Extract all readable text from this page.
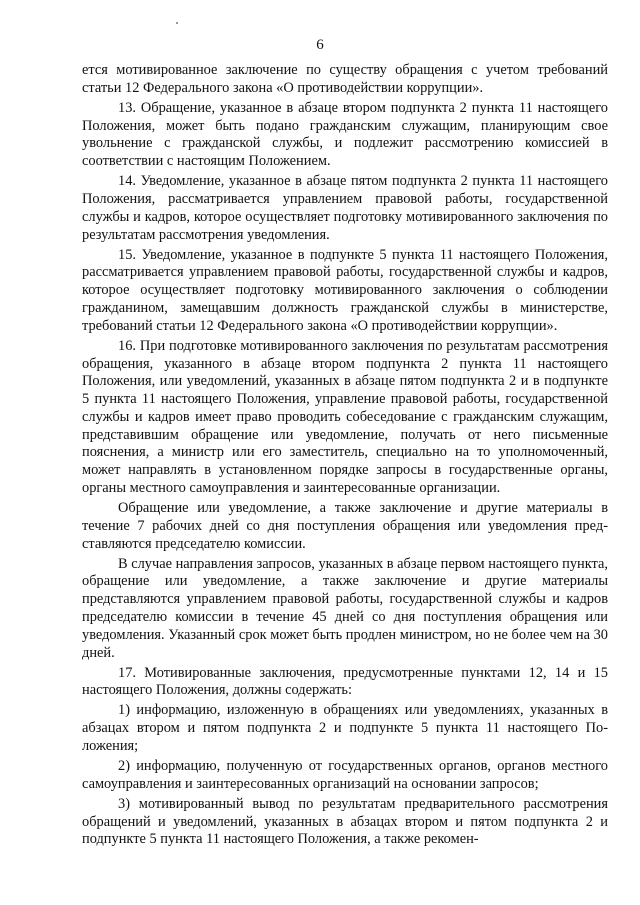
6

ется мотивированное заключение по существу обращения с учетом требований статьи 12 Федерального закона «О противодействии коррупции».

13. Обращение, указанное в абзаце втором подпункта 2 пункта 11 настоящего Положения, может быть подано гражданским служащим, планирующим свое увольнение с гражданской службы, и подлежит рассмотрению комиссией в соответствии с настоящим Положением.

14. Уведомление, указанное в абзаце пятом подпункта 2 пункта 11 настоящего Положения, рассматривается управлением правовой работы, государственной службы и кадров, которое осуществляет подготовку мотивированного заключения по результатам рассмотрения уведомления.

15. Уведомление, указанное в подпункте 5 пункта 11 настоящего Положения, рассматривается управлением правовой работы, государственной службы и кадров, которое осуществляет подготовку мотивированного заключения о соблюдении гражданином, замещавшим должность гражданской службы в министерстве, требований статьи 12 Федерального закона «О противодействии коррупции».

16. При подготовке мотивированного заключения по результатам рассмотрения обращения, указанного в абзаце втором подпункта 2 пункта 11 настоящего Положения, или уведомлений, указанных в абзаце пятом подпункта 2 и в подпункте 5 пункта 11 настоящего Положения, управление правовой работы, государственной службы и кадров имеет право проводить собеседование с гражданским служащим, представившим обращение или уведомление, получать от него письменные пояснения, а министр или его заместитель, специально на то уполномоченный, может направлять в установленном порядке запросы в государственные органы, органы местного самоуправления и заинтересованные организации.

Обращение или уведомление, а также заключение и другие материалы в течение 7 рабочих дней со дня поступления обращения или уведомления представляются председателю комиссии.

В случае направления запросов, указанных в абзаце первом настоящего пункта, обращение или уведомление, а также заключение и другие материалы представляются управлением правовой работы, государственной службы и кадров председателю комиссии в течение 45 дней со дня поступления обращения или уведомления. Указанный срок может быть продлен министром, но не более чем на 30 дней.

17. Мотивированные заключения, предусмотренные пунктами 12, 14 и 15 настоящего Положения, должны содержать:

1) информацию, изложенную в обращениях или уведомлениях, указанных в абзацах втором и пятом подпункта 2 и подпункте 5 пункта 11 настоящего Положения;

2) информацию, полученную от государственных органов, органов местного самоуправления и заинтересованных организаций на основании запросов;

3) мотивированный вывод по результатам предварительного рассмотрения обращений и уведомлений, указанных в абзацах втором и пятом подпункта 2 и подпункте 5 пункта 11 настоящего Положения, а также рекомен-
